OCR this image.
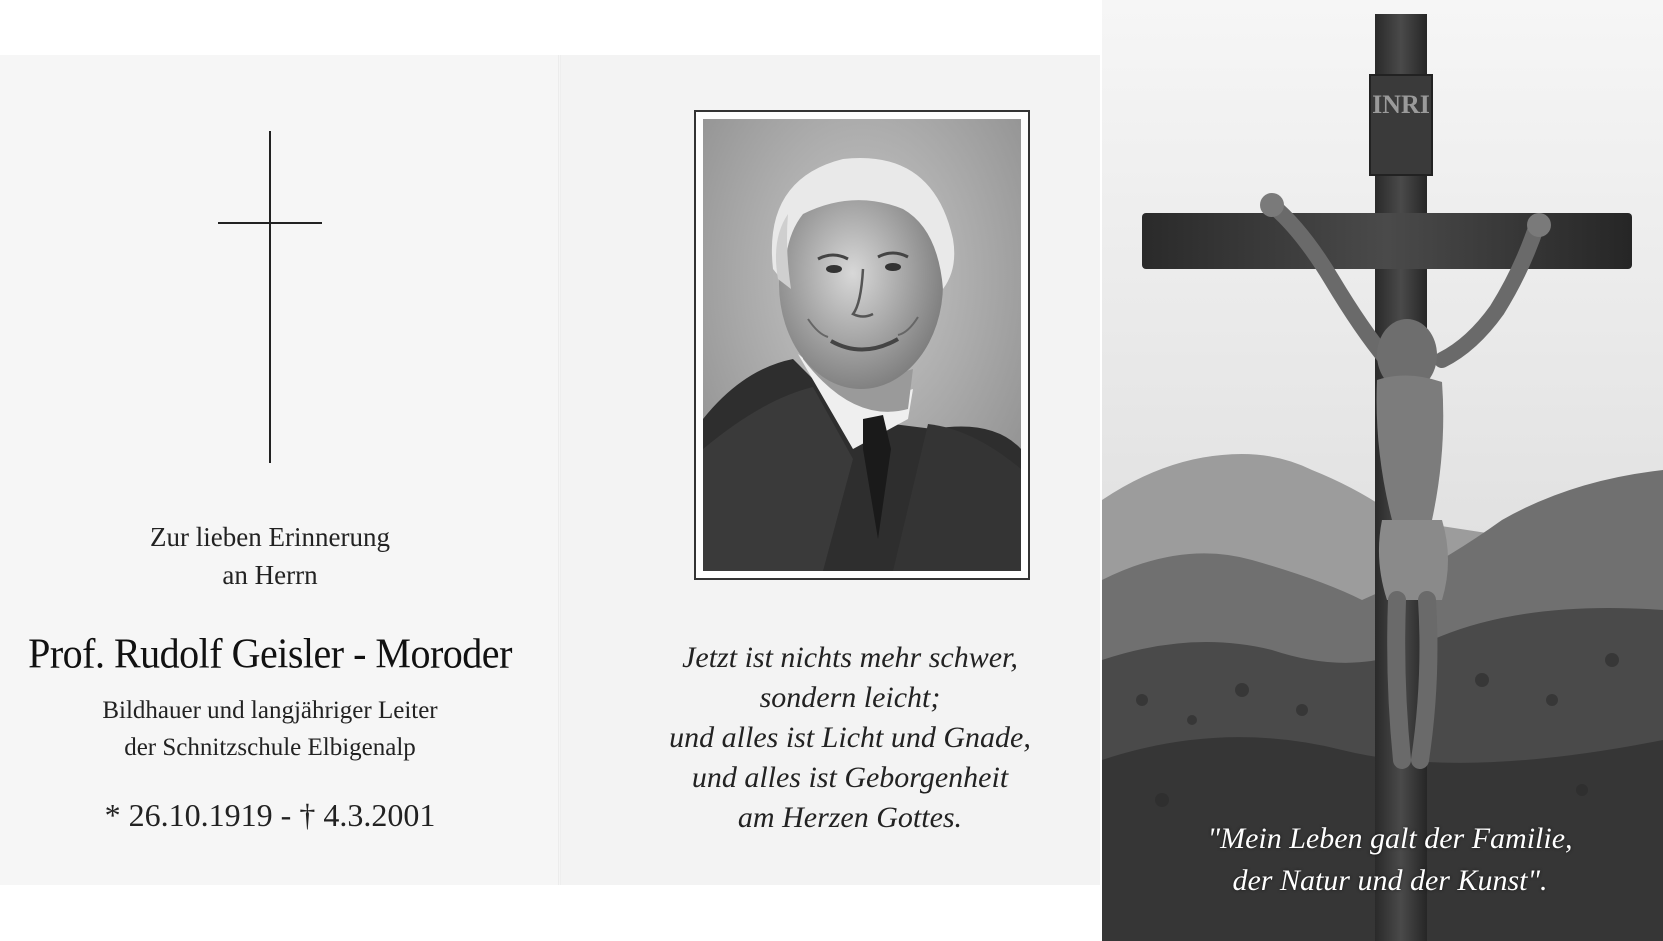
Zur lieben Erinnerung
an Herrn
Prof. Rudolf Geisler - Moroder
Bildhauer und langjähriger Leiter
der Schnitzschule Elbigenalp
* 26.10.1919 - † 4.3.2001
Jetzt ist nichts mehr schwer,
sondern leicht;
und alles ist Licht und Gnade,
und alles ist Geborgenheit
am Herzen Gottes.
INRI
"Mein Leben galt der Familie,
der Natur und der Kunst".
